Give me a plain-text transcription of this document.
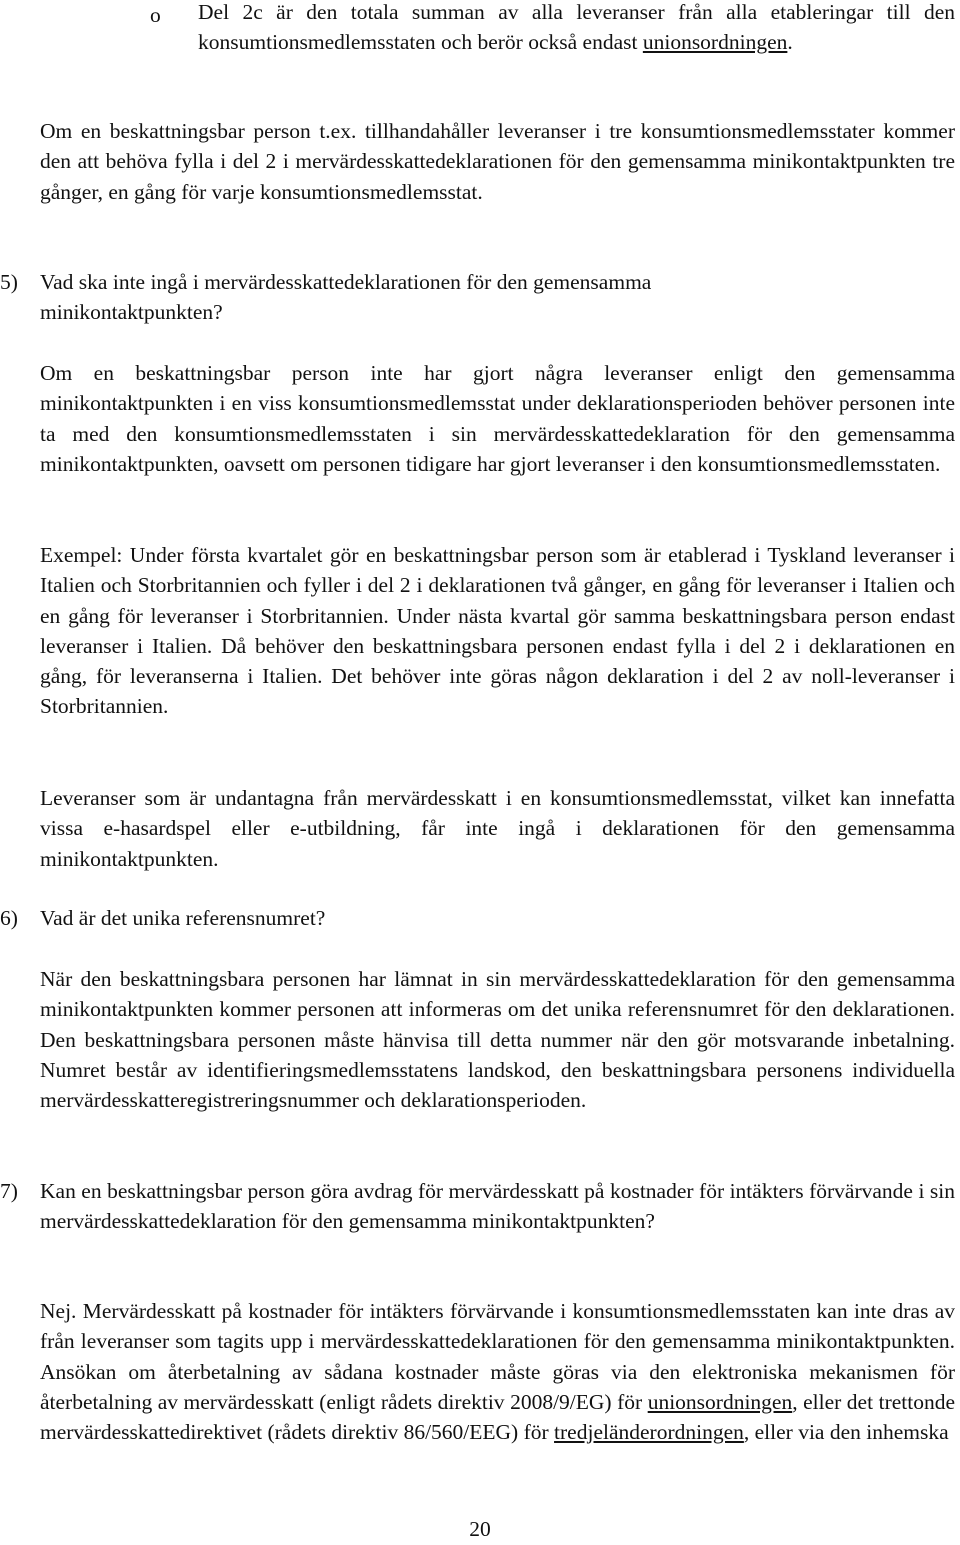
o Del 2c är den totala summan av alla leveranser från alla etableringar till den konsumtionsmedlemsstaten och berör också endast unionsordningen.

Om en beskattningsbar person t.ex. tillhandahåller leveranser i tre konsumtionsmedlemsstater kommer den att behöva fylla i del 2 i mervärdesskattedeklarationen för den gemensamma minikontaktpunkten tre gånger, en gång för varje konsumtionsmedlemsstat.

5) Vad ska inte ingå i mervärdesskattedeklarationen för den gemensamma minikontaktpunkten?

Om en beskattningsbar person inte har gjort några leveranser enligt den gemensamma minikontaktpunkten i en viss konsumtionsmedlemsstat under deklarationsperioden behöver personen inte ta med den konsumtionsmedlemsstaten i sin mervärdesskattedeklaration för den gemensamma minikontaktpunkten, oavsett om personen tidigare har gjort leveranser i den konsumtionsmedlemsstaten.

Exempel: Under första kvartalet gör en beskattningsbar person som är etablerad i Tyskland leveranser i Italien och Storbritannien och fyller i del 2 i deklarationen två gånger, en gång för leveranser i Italien och en gång för leveranser i Storbritannien. Under nästa kvartal gör samma beskattningsbara person endast leveranser i Italien. Då behöver den beskattningsbara personen endast fylla i del 2 i deklarationen en gång, för leveranserna i Italien. Det behöver inte göras någon deklaration i del 2 av noll-leveranser i Storbritannien.

Leveranser som är undantagna från mervärdesskatt i en konsumtionsmedlemsstat, vilket kan innefatta vissa e-hasardspel eller e-utbildning, får inte ingå i deklarationen för den gemensamma minikontaktpunkten.

6) Vad är det unika referensnumret?

När den beskattningsbara personen har lämnat in sin mervärdesskattedeklaration för den gemensamma minikontaktpunkten kommer personen att informeras om det unika referensnumret för den deklarationen. Den beskattningsbara personen måste hänvisa till detta nummer när den gör motsvarande inbetalning. Numret består av identifieringsmedlemsstatens landskod, den beskattningsbara personens individuella mervärdesskatteregistreringsnummer och deklarationsperioden.

7) Kan en beskattningsbar person göra avdrag för mervärdesskatt på kostnader för intäkters förvärvande i sin mervärdesskattedeklaration för den gemensamma minikontaktpunkten?

Nej. Mervärdesskatt på kostnader för intäkters förvärvande i konsumtionsmedlemsstaten kan inte dras av från leveranser som tagits upp i mervärdesskattedeklarationen för den gemensamma minikontaktpunkten. Ansökan om återbetalning av sådana kostnader måste göras via den elektroniska mekanismen för återbetalning av mervärdesskatt (enligt rådets direktiv 2008/9/EG) för unionsordningen, eller det trettonde mervärdesskattedirektivet (rådets direktiv 86/560/EEG) för tredjeländerordningen, eller via den inhemska

20
